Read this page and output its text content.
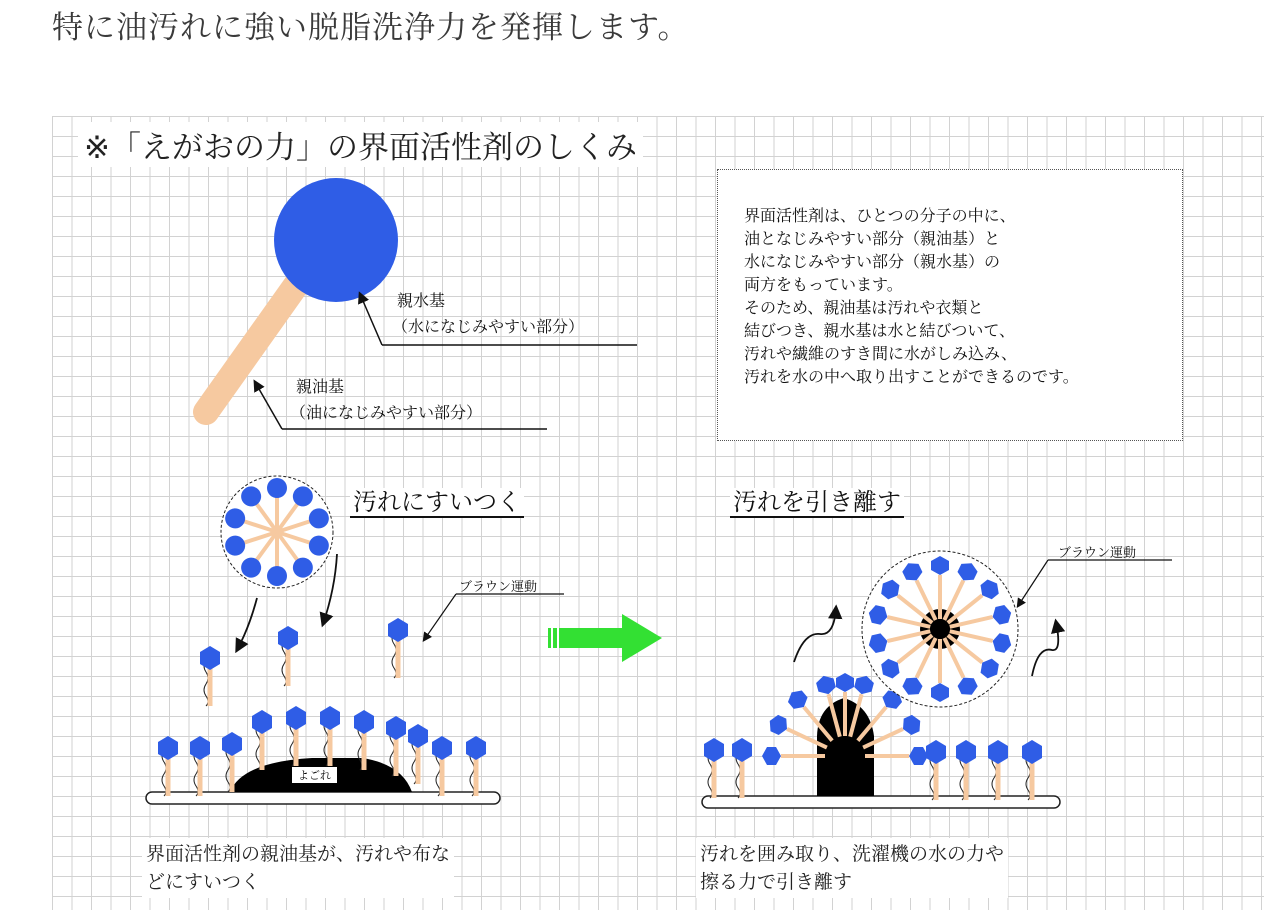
特に油汚れに強い脱脂洗浄力を発揮します。
※「えがおの力」の界面活性剤のしくみ
親水基
（水になじみやすい部分）
親油基
（油になじみやすい部分）
界面活性剤は、ひとつの分子の中に、
油となじみやすい部分（親油基）と
水になじみやすい部分（親水基）の
両方をもっています。
そのため、親油基は汚れや衣類と
結びつき、親水基は水と結びついて、
汚れや繊維のすき間に水がしみ込み、
汚れを水の中へ取り出すことができるのです。
汚れにすいつく
ブラウン運動
よごれ
汚れを引き離す
ブラウン運動
界面活性剤の親油基が、汚れや布な
どにすいつく
汚れを囲み取り、洗濯機の水の力や
擦る力で引き離す
